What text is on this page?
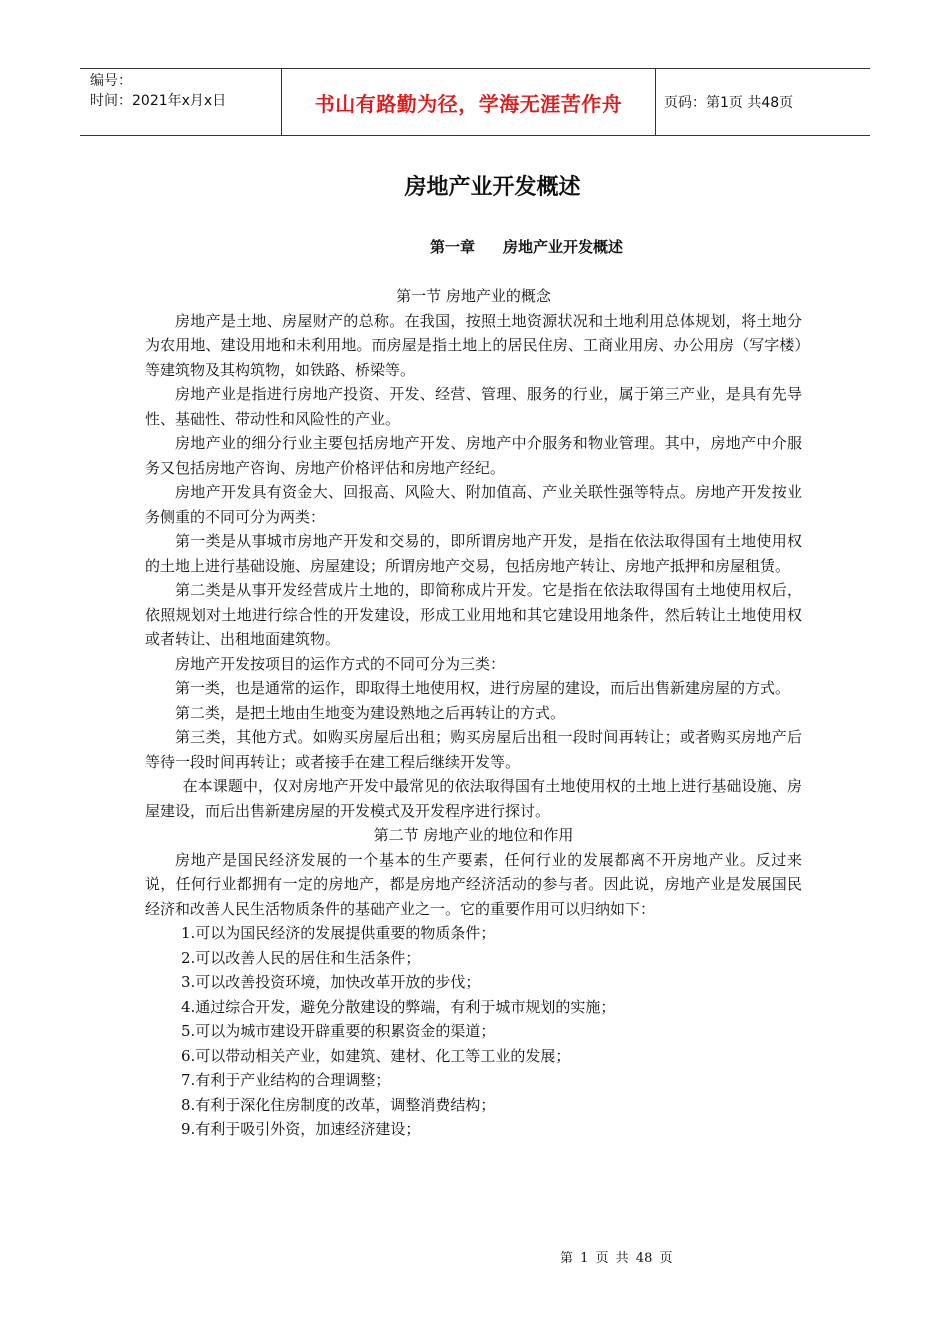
编号：
时间：2021年x月x日	书山有路勤为径，学海无涯苦作舟	页码：第1页 共48页
房地产业开发概述
第一章 房地产业开发概述

第一节 房地产业的概念

房地产是土地、房屋财产的总称。在我国，按照土地资源状况和土地利用总体规划，将土地分为农用地、建设用地和未利用地。而房屋是指土地上的居民住房、工商业用房、办公用房（写字楼）等建筑物及其构筑物，如铁路、桥梁等。

房地产业是指进行房地产投资、开发、经营、管理、服务的行业，属于第三产业，是具有先导性、基础性、带动性和风险性的产业。

房地产业的细分行业主要包括房地产开发、房地产中介服务和物业管理。其中，房地产中介服务又包括房地产咨询、房地产价格评估和房地产经纪。

房地产开发具有资金大、回报高、风险大、附加值高、产业关联性强等特点。房地产开发按业务侧重的不同可分为两类：

第一类是从事城市房地产开发和交易的，即所谓房地产开发，是指在依法取得国有土地使用权的土地上进行基础设施、房屋建设；所谓房地产交易，包括房地产转让、房地产抵押和房屋租赁。

第二类是从事开发经营成片土地的，即简称成片开发。它是指在依法取得国有土地使用权后，依照规划对土地进行综合性的开发建设，形成工业用地和其它建设用地条件，然后转让土地使用权或者转让、出租地面建筑物。

房地产开发按项目的运作方式的不同可分为三类：

第一类，也是通常的运作，即取得土地使用权，进行房屋的建设，而后出售新建房屋的方式。

第二类，是把土地由生地变为建设熟地之后再转让的方式。

第三类，其他方式。如购买房屋后出租；购买房屋后出租一段时间再转让；或者购买房地产后等待一段时间再转让；或者接手在建工程后继续开发等。

在本课题中，仅对房地产开发中最常见的依法取得国有土地使用权的土地上进行基础设施、房屋建设，而后出售新建房屋的开发模式及开发程序进行探讨。

第二节 房地产业的地位和作用

房地产是国民经济发展的一个基本的生产要素，任何行业的发展都离不开房地产业。反过来说，任何行业都拥有一定的房地产，都是房地产经济活动的参与者。因此说，房地产业是发展国民经济和改善人民生活物质条件的基础产业之一。它的重要作用可以归纳如下：

1.可以为国民经济的发展提供重要的物质条件；

2.可以改善人民的居住和生活条件；

3.可以改善投资环境，加快改革开放的步伐；

4.通过综合开发，避免分散建设的弊端，有利于城市规划的实施；

5.可以为城市建设开辟重要的积累资金的渠道；

6.可以带动相关产业，如建筑、建材、化工等工业的发展；

7.有利于产业结构的合理调整；

8.有利于深化住房制度的改革，调整消费结构；

9.有利于吸引外资，加速经济建设；

第 1 页 共 48 页
